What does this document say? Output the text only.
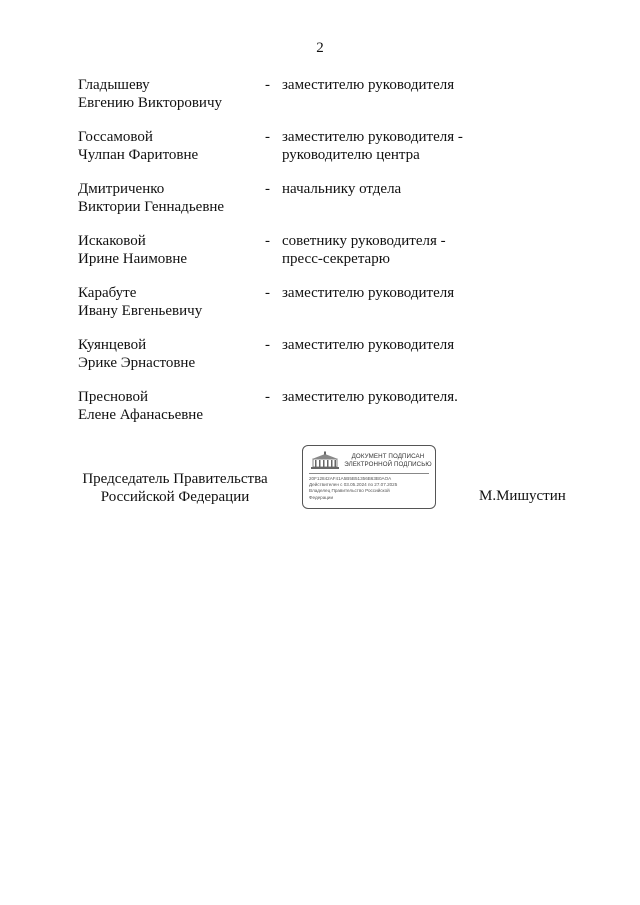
2
Гладышеву
Евгению Викторовичу
- заместителю руководителя
Госсамовой
Чулпан Фаритовне
- заместителю руководителя -
руководителю центра
Дмитриченко
Виктории Геннадьевне
- начальнику отдела
Искаковой
Ирине Наимовне
- советнику руководителя -
пресс-секретарю
Карабуте
Ивану Евгеньевичу
- заместителю руководителя
Куянцевой
Эрике Эрнастовне
- заместителю руководителя
Пресновой
Елене Афанасьевне
- заместителю руководителя.
Председатель Правительства
Российской Федерации
ДОКУМЕНТ ПОДПИСАН
ЭЛЕКТРОННОЙ ПОДПИСЬЮ
20F12842AF41A5B5B51356B63B0AOA
Действителен с 03.05.2024 по 27.07.2025
Владелец Правительство Российской
Федерации	М.Мишустин
